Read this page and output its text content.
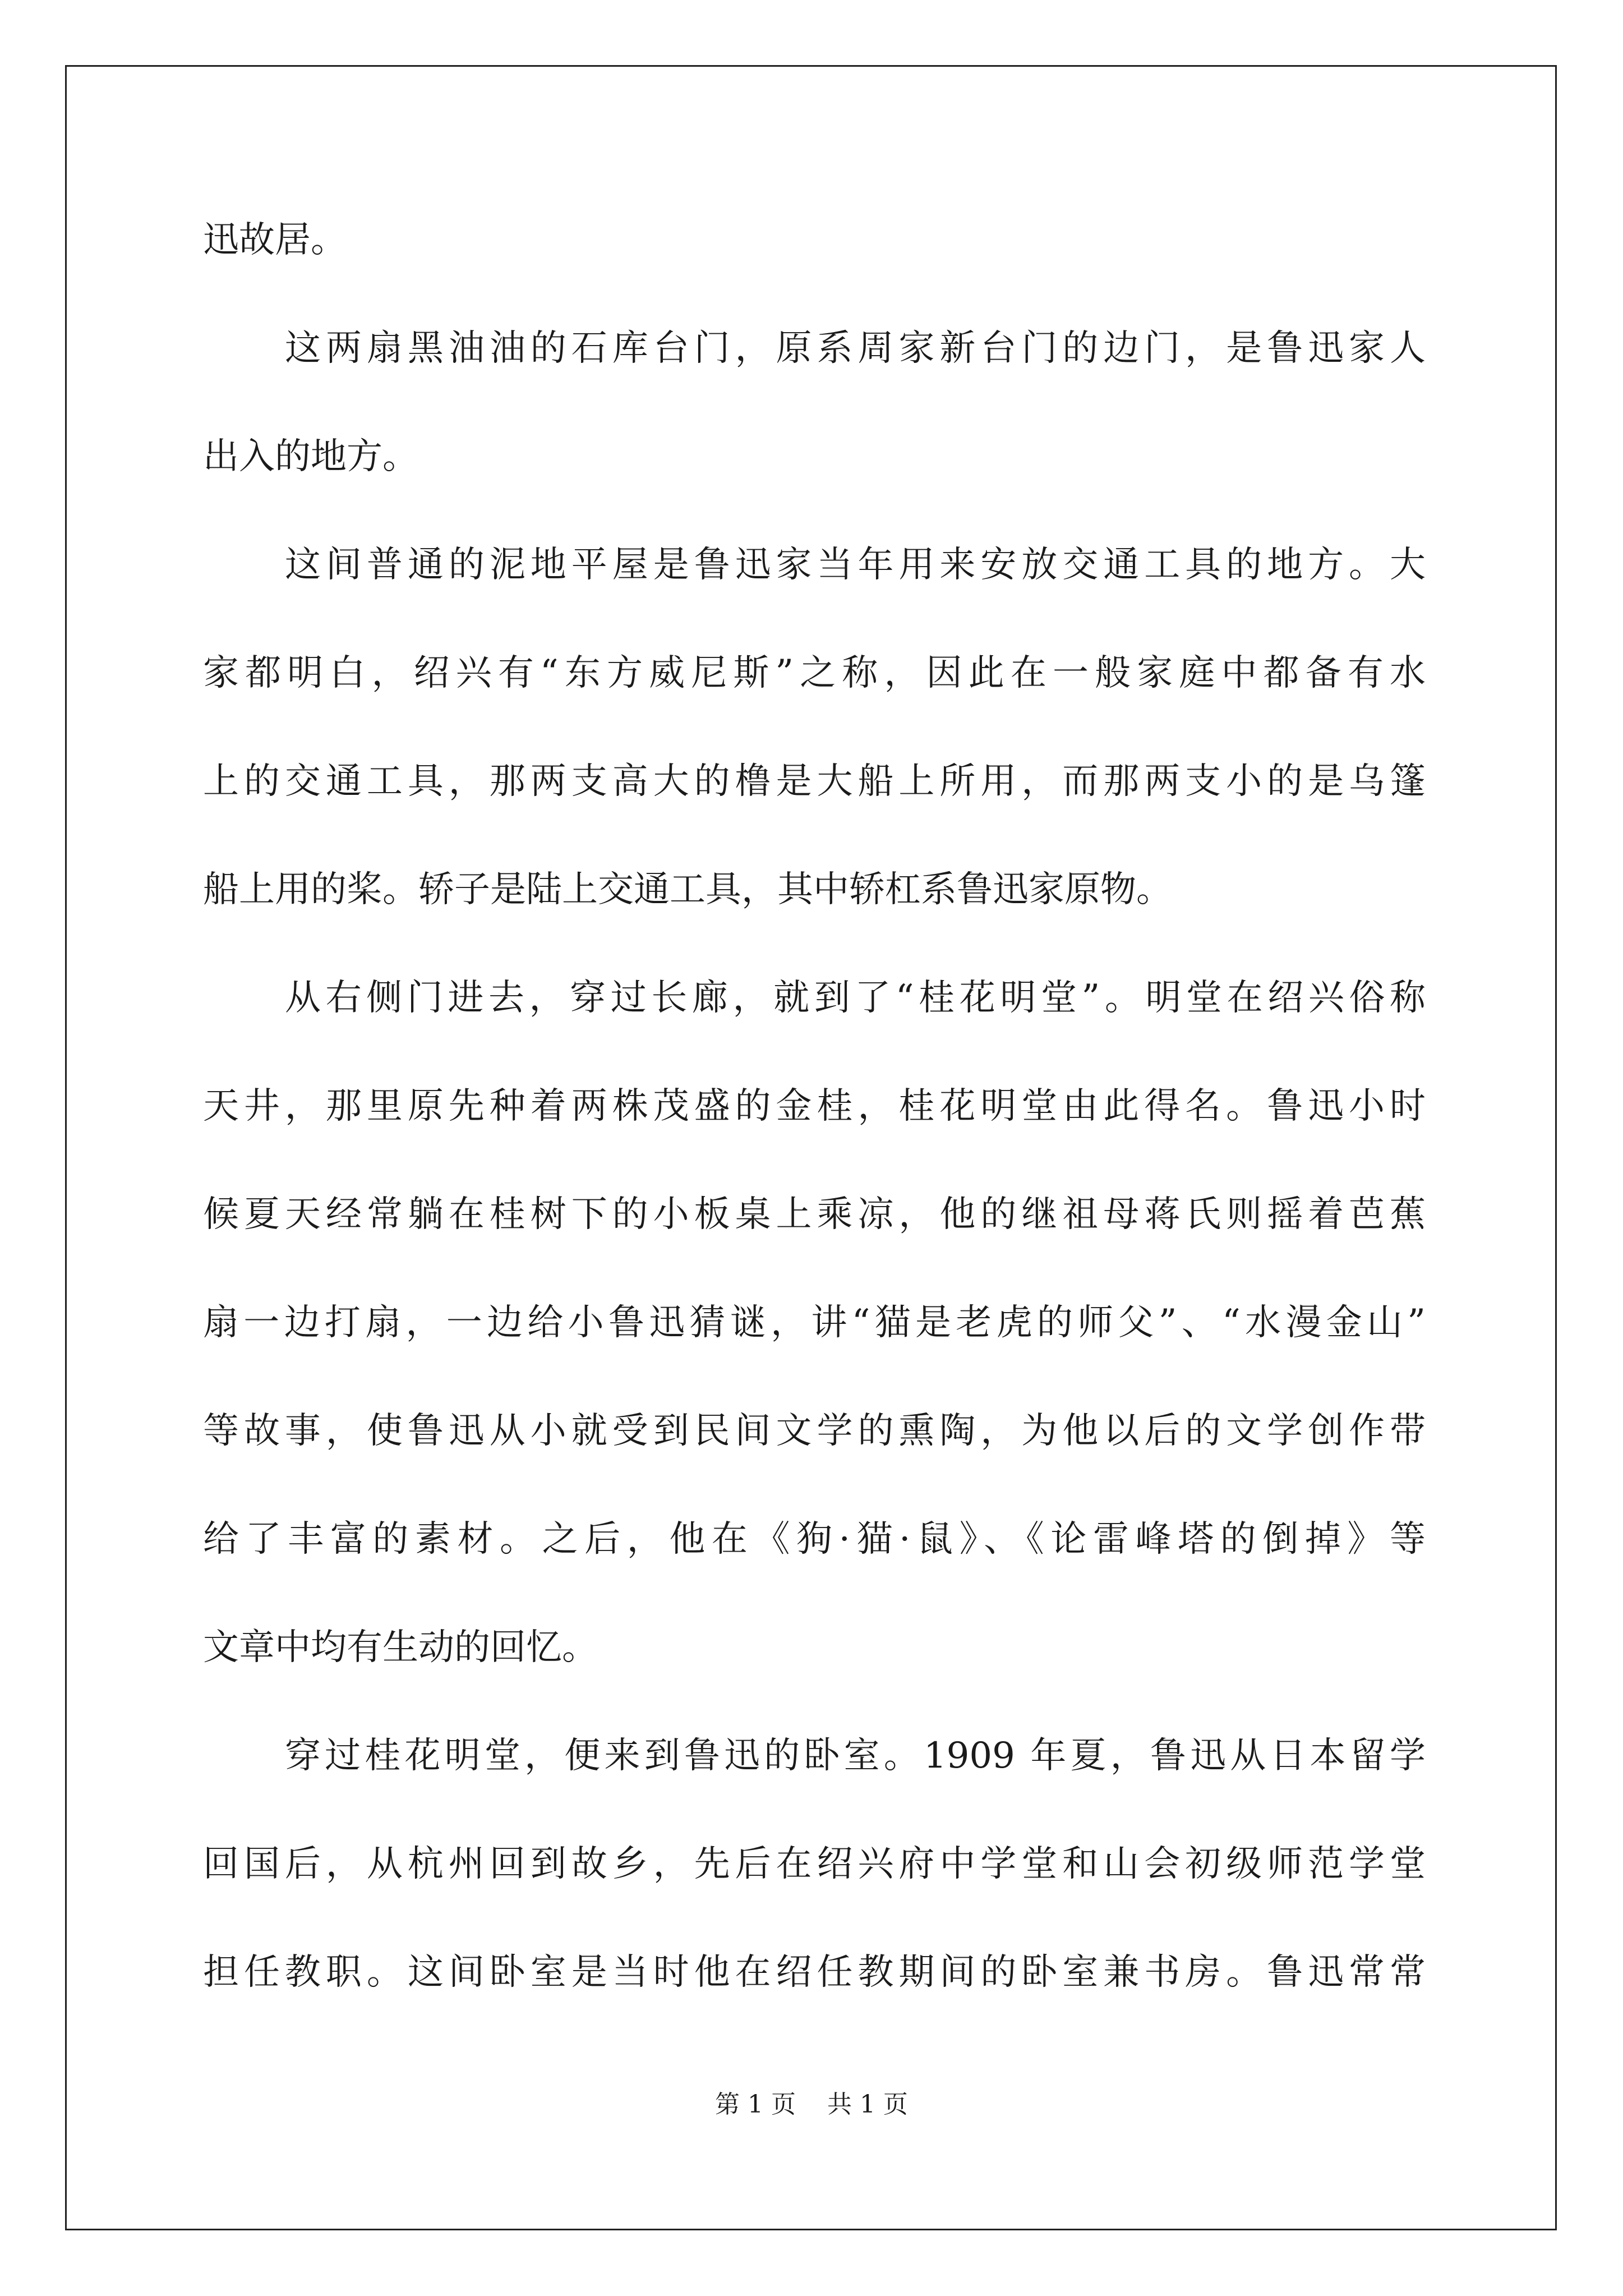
迅故居。
这两扇黑油油的石库台门，原系周家新台门的边门，是鲁迅家人
出入的地方。
这间普通的泥地平屋是鲁迅家当年用来安放交通工具的地方。大
家都明白，绍兴有“东方威尼斯”之称，因此在一般家庭中都备有水
上的交通工具，那两支高大的橹是大船上所用，而那两支小的是乌篷
船上用的桨。轿子是陆上交通工具，其中轿杠系鲁迅家原物。
从右侧门进去，穿过长廊，就到了“桂花明堂”。明堂在绍兴俗称
天井，那里原先种着两株茂盛的金桂，桂花明堂由此得名。鲁迅小时
候夏天经常躺在桂树下的小板桌上乘凉，他的继祖母蒋氏则摇着芭蕉
扇一边打扇，一边给小鲁迅猜谜，讲“猫是老虎的师父”、“水漫金山”
等故事，使鲁迅从小就受到民间文学的熏陶，为他以后的文学创作带
给了丰富的素材。之后，他在《狗·猫·鼠》、《论雷峰塔的倒掉》等
文章中均有生动的回忆。
穿过桂花明堂，便来到鲁迅的卧室。1909 年夏，鲁迅从日本留学
回国后，从杭州回到故乡，先后在绍兴府中学堂和山会初级师范学堂
担任教职。这间卧室是当时他在绍任教期间的卧室兼书房。鲁迅常常
第 1 页    共 1 页
